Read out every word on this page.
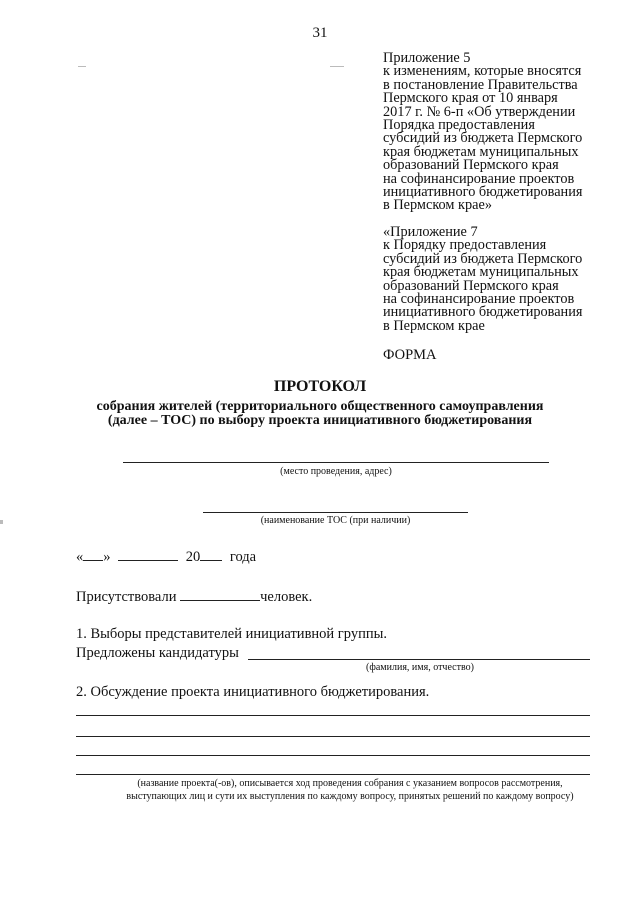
31
Приложение 5
к изменениям, которые вносятся
в постановление Правительства
Пермского края от 10 января
2017 г. № 6-п «Об утверждении
Порядка предоставления
субсидий из бюджета Пермского
края бюджетам муниципальных
образований Пермского края
на софинансирование проектов
инициативного бюджетирования
в Пермском крае»
«Приложение 7
к Порядку предоставления
субсидий из бюджета Пермского
края бюджетам муниципальных
образований Пермского края
на софинансирование проектов
инициативного бюджетирования
в Пермском крае
ФОРМА
ПРОТОКОЛ
собрания жителей (территориального общественного самоуправления
(далее – ТОС) по выбору проекта инициативного бюджетирования
(место проведения, адрес)
(наименование ТОС (при наличии)
« »	20 года
Присутствовали	человек.
1. Выборы представителей инициативной группы.
Предложены кандидатуры
(фамилия, имя, отчество)
2. Обсуждение проекта инициативного бюджетирования.
(название проекта(-ов), описывается ход проведения собрания с указанием вопросов рассмотрения,
выступающих лиц и сути их выступления по каждому вопросу, принятых решений по каждому вопросу)
